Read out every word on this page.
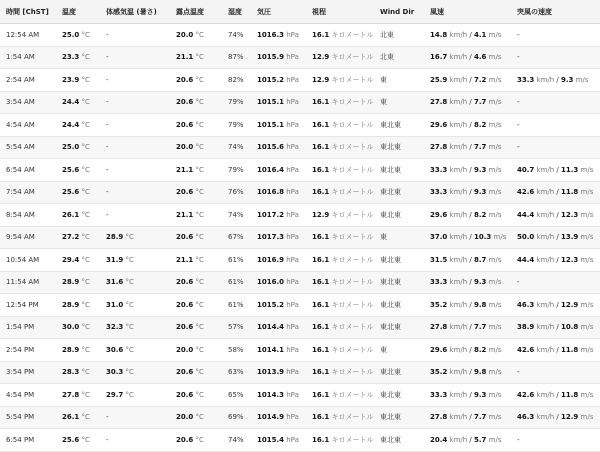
時間 [ChST]	温度	体感気温 (暑さ)	露点温度	湿度	気圧	視程	Wind Dir	風速	突風の速度
12:54 AM	25.0 °C	-	20.0 °C	74%	1016.3 hPa	16.1 キロメートル	北東	14.8 km/h / 4.1 m/s	-
1:54 AM	23.3 °C	-	21.1 °C	87%	1015.9 hPa	12.9 キロメートル	北東	16.7 km/h / 4.6 m/s	-
2:54 AM	23.9 °C	-	20.6 °C	82%	1015.2 hPa	12.9 キロメートル	東	25.9 km/h / 7.2 m/s	33.3 km/h / 9.3 m/s
3:54 AM	24.4 °C	-	20.6 °C	79%	1015.1 hPa	16.1 キロメートル	東	27.8 km/h / 7.7 m/s	-
4:54 AM	24.4 °C	-	20.6 °C	79%	1015.1 hPa	16.1 キロメートル	東北東	29.6 km/h / 8.2 m/s	-
5:54 AM	25.0 °C	-	20.0 °C	74%	1015.6 hPa	16.1 キロメートル	東北東	27.8 km/h / 7.7 m/s	-
6:54 AM	25.6 °C	-	21.1 °C	79%	1016.4 hPa	16.1 キロメートル	東北東	33.3 km/h / 9.3 m/s	40.7 km/h / 11.3 m/s
7:54 AM	25.6 °C	-	20.6 °C	76%	1016.8 hPa	16.1 キロメートル	東北東	33.3 km/h / 9.3 m/s	42.6 km/h / 11.8 m/s
8:54 AM	26.1 °C	-	21.1 °C	74%	1017.2 hPa	12.9 キロメートル	東北東	29.6 km/h / 8.2 m/s	44.4 km/h / 12.3 m/s
9:54 AM	27.2 °C	28.9 °C	20.6 °C	67%	1017.3 hPa	16.1 キロメートル	東	37.0 km/h / 10.3 m/s	50.0 km/h / 13.9 m/s
10:54 AM	29.4 °C	31.9 °C	21.1 °C	61%	1016.9 hPa	16.1 キロメートル	東北東	31.5 km/h / 8.7 m/s	44.4 km/h / 12.3 m/s
11:54 AM	28.9 °C	31.6 °C	20.6 °C	61%	1016.0 hPa	16.1 キロメートル	東北東	33.3 km/h / 9.3 m/s	-
12:54 PM	28.9 °C	31.0 °C	20.6 °C	61%	1015.2 hPa	16.1 キロメートル	東北東	35.2 km/h / 9.8 m/s	46.3 km/h / 12.9 m/s
1:54 PM	30.0 °C	32.3 °C	20.6 °C	57%	1014.4 hPa	16.1 キロメートル	東北東	27.8 km/h / 7.7 m/s	38.9 km/h / 10.8 m/s
2:54 PM	28.9 °C	30.6 °C	20.0 °C	58%	1014.1 hPa	16.1 キロメートル	東	29.6 km/h / 8.2 m/s	42.6 km/h / 11.8 m/s
3:54 PM	28.3 °C	30.3 °C	20.6 °C	63%	1013.9 hPa	16.1 キロメートル	東北東	35.2 km/h / 9.8 m/s	-
4:54 PM	27.8 °C	29.7 °C	20.6 °C	65%	1014.3 hPa	16.1 キロメートル	東北東	33.3 km/h / 9.3 m/s	42.6 km/h / 11.8 m/s
5:54 PM	26.1 °C	-	20.0 °C	69%	1014.9 hPa	16.1 キロメートル	東北東	27.8 km/h / 7.7 m/s	46.3 km/h / 12.9 m/s
6:54 PM	25.6 °C	-	20.6 °C	74%	1015.4 hPa	16.1 キロメートル	東北東	20.4 km/h / 5.7 m/s	-
